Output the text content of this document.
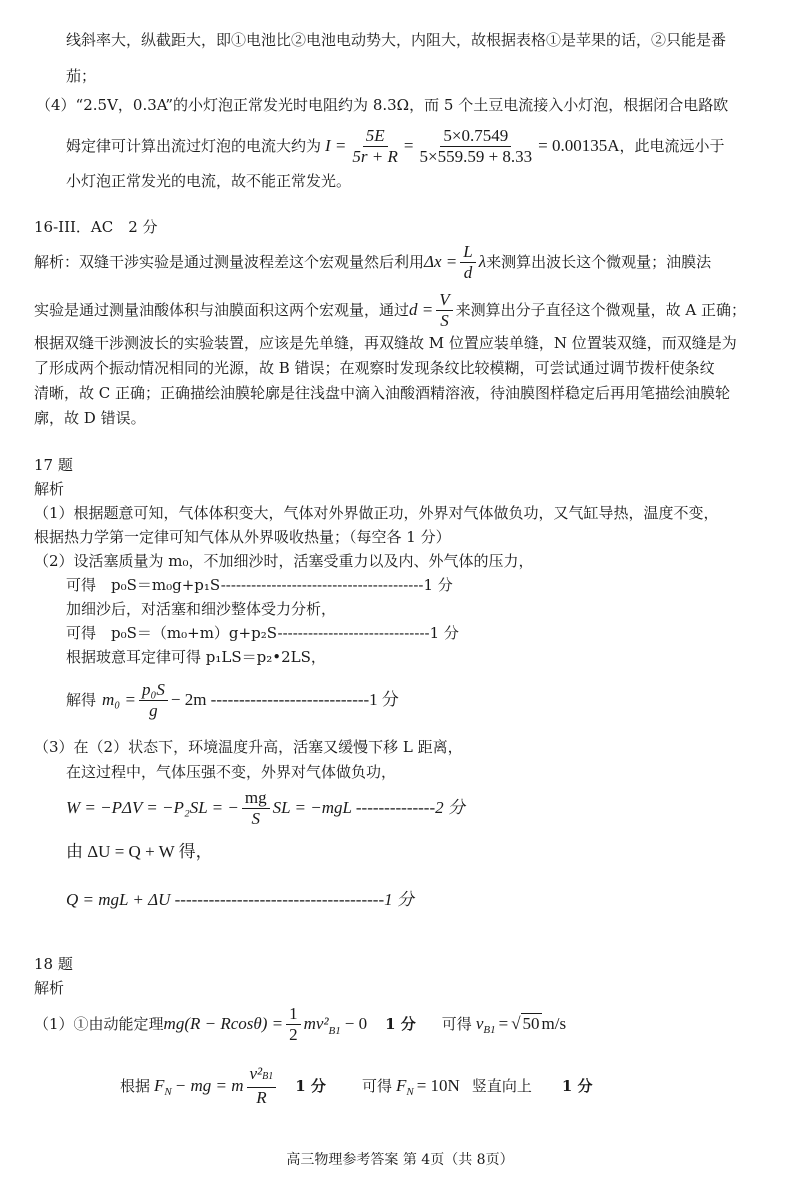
线斜率大，纵截距大，即①电池比②电池电动势大，内阻大，故根据表格①是苹果的话，②只能是番
茄；
（4）“2.5V，0.3A”的小灯泡正常发光时电阻约为 8.3Ω，而 5 个土豆电流接入小灯泡，根据闭合电路欧
姆定律可计算出流过灯泡的电流大约为 $I = \frac{5E}{5r + R} = \frac{5\times 0.7549}{5\times 559.59 + 8.33} = 0.00135A$ ，此电流远小于
小灯泡正常发光的电流，故不能正常发光。
16-III．AC　2 分
解析：双缝干涉实验是通过测量波程差这个宏观量然后利用 $\Delta x = \frac{L}{d}$ λ 来测算出波长这个微观量；油膜法
实验是通过测量油酸体积与油膜面积这两个宏观量，通过 $d = \frac{V}{S}$ 来测算出分子直径这个微观量，故 A 正确；
根据双缝干涉测波长的实验装置，应该是先单缝，再双缝故 M 位置应装单缝，N 位置装双缝，而双缝是为
了形成两个振动情况相同的光源，故 B 错误；在观察时发现条纹比较模糊，可尝试通过调节拨杆使条纹
清晰，故 C 正确；正确描绘油膜轮廓是往浅盘中滴入油酸酒精溶液，待油膜图样稳定后再用笔描绘油膜轮
廓，故 D 错误。
17 题
解析
（1）根据题意可知，气体体积变大，气体对外界做正功，外界对气体做负功，又气缸导热，温度不变，
根据热力学第一定律可知气体从外界吸收热量；（每空各 1 分）
（2）设活塞质量为 m₀，不加细沙时，活塞受重力以及内、外气体的压力，
可得　p₀S＝m₀g+p₁S----------------------------------------1 分
加细沙后，对活塞和细沙整体受力分析，
可得　p₀S＝（m₀+m）g+p₂S------------------------------1 分
根据玻意耳定律可得 p₁LS＝p₂•2LS，
解得 $m_0 = \frac{\text{p₀S}}{g} - 2m$ ----------------------------1 分
（3）在（2）状态下，环境温度升高，活塞又缓慢下移 L 距离，
在这过程中，气体压强不变，外界对气体做负功，
W = −PΔV = −P₂SL = − $\frac{mg}{S}$ SL = −mgL --------------2 分
由 ΔU = Q + W 得，
Q = mgL + ΔU -------------------------------------1 分
18 题
解析
（1）①由动能定理 $mg(R - Rcos\theta) = \frac{1}{2} mv^2$ B1 − 0 1 分 可得 v B1 = √ 50 m/s
根据 F N − mg = m $\frac{\text{v²B1}}{R} 1$ 分 可得 F N = 10N 竖直向上 1 分
高三物理参考答案 第 4页（共 8页）
